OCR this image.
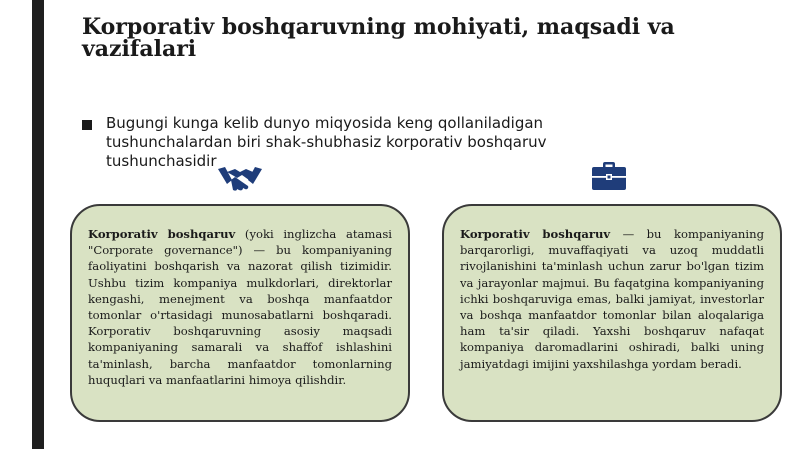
Korporativ boshqaruvning mohiyati, maqsadi va vazifalari
Bugungi kunga kelib dunyo miqyosida keng qollaniladigan tushunchalardan biri shak-shubhasiz korporativ boshqaruv tushunchasidir

Korporativ boshqaruv (yoki inglizcha atamasi "Corporate governance") — bu kompaniyaning faoliyatini boshqarish va nazorat qilish tizimidir. Ushbu tizim kompaniya mulkdorlari, direktorlar kengashi, menejment va boshqa manfaatdor tomonlar o'rtasidagi munosabatlarni boshqaradi. Korporativ boshqaruvning asosiy maqsadi kompaniyaning samarali va shaffof ishlashini ta'minlash, barcha manfaatdor tomonlarning huquqlari va manfaatlarini himoya qilishdir.

Korporativ boshqaruv — bu kompaniyaning barqarorligi, muvaffaqiyati va uzoq muddatli rivojlanishini ta'minlash uchun zarur bo'lgan tizim va jarayonlar majmui. Bu faqatgina kompaniyaning ichki boshqaruviga emas, balki jamiyat, investorlar va boshqa manfaatdor tomonlar bilan aloqalariga ham ta'sir qiladi. Yaxshi boshqaruv nafaqat kompaniya daromadlarini oshiradi, balki uning jamiyatdagi imijini yaxshilashga yordam beradi.
